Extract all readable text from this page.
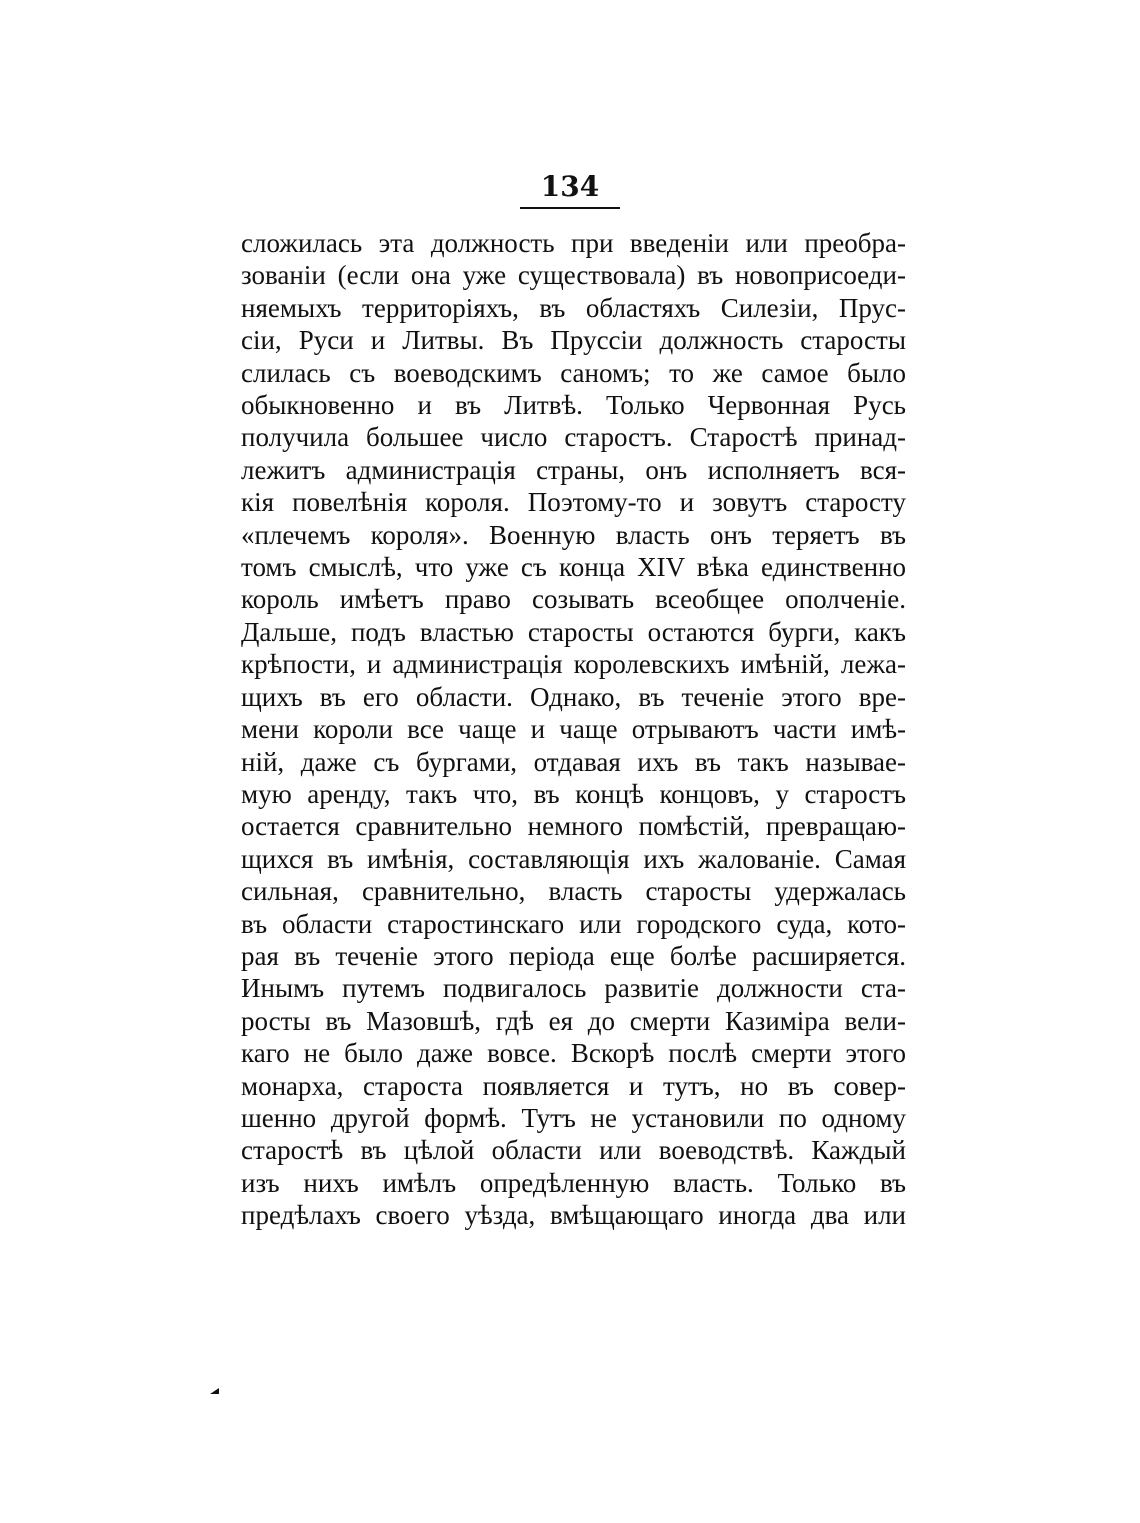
134
сложилась эта должность при введеніи или преобра-
зованіи (если она уже существовала) въ новоприсоеди-
няемыхъ территоріяхъ, въ областяхъ Силезіи, Прус-
сіи, Руси и Литвы. Въ Пруссіи должность старосты
слилась съ воеводскимъ саномъ; то же самое было
обыкновенно и въ Литвѣ. Только Червонная Русь
получила большее число старостъ. Старостѣ принад-
лежитъ администрація страны, онъ исполняетъ вся-
кія повелѣнія короля. Поэтому-то и зовутъ старосту
«плечемъ короля». Военную власть онъ теряетъ въ
томъ смыслѣ, что уже съ конца XIV вѣка единственно
король имѣетъ право созывать всеобщее ополченіе.
Дальше, подъ властью старосты остаются бурги, какъ
крѣпости, и администрація королевскихъ имѣній, лежа-
щихъ въ его области. Однако, въ теченіе этого вре-
мени короли все чаще и чаще отрываютъ части имѣ-
ній, даже съ бургами, отдавая ихъ въ такъ называе-
мую аренду, такъ что, въ концѣ концовъ, у старостъ
остается сравнительно немного помѣстій, превращаю-
щихся въ имѣнія, составляющія ихъ жалованіе. Самая
сильная, сравнительно, власть старосты удержалась
въ области старостинскаго или городского суда, кото-
рая въ теченіе этого періода еще болѣе расширяется.
Инымъ путемъ подвигалось развитіе должности ста-
росты въ Мазовшѣ, гдѣ ея до смерти Казиміра вели-
каго не было даже вовсе. Вскорѣ послѣ смерти этого
монарха, староста появляется и тутъ, но въ совер-
шенно другой формѣ. Тутъ не установили по одному
старостѣ въ цѣлой области или воеводствѣ. Каждый
изъ нихъ имѣлъ опредѣленную власть. Только въ
предѣлахъ своего уѣзда, вмѣщающаго иногда два или
